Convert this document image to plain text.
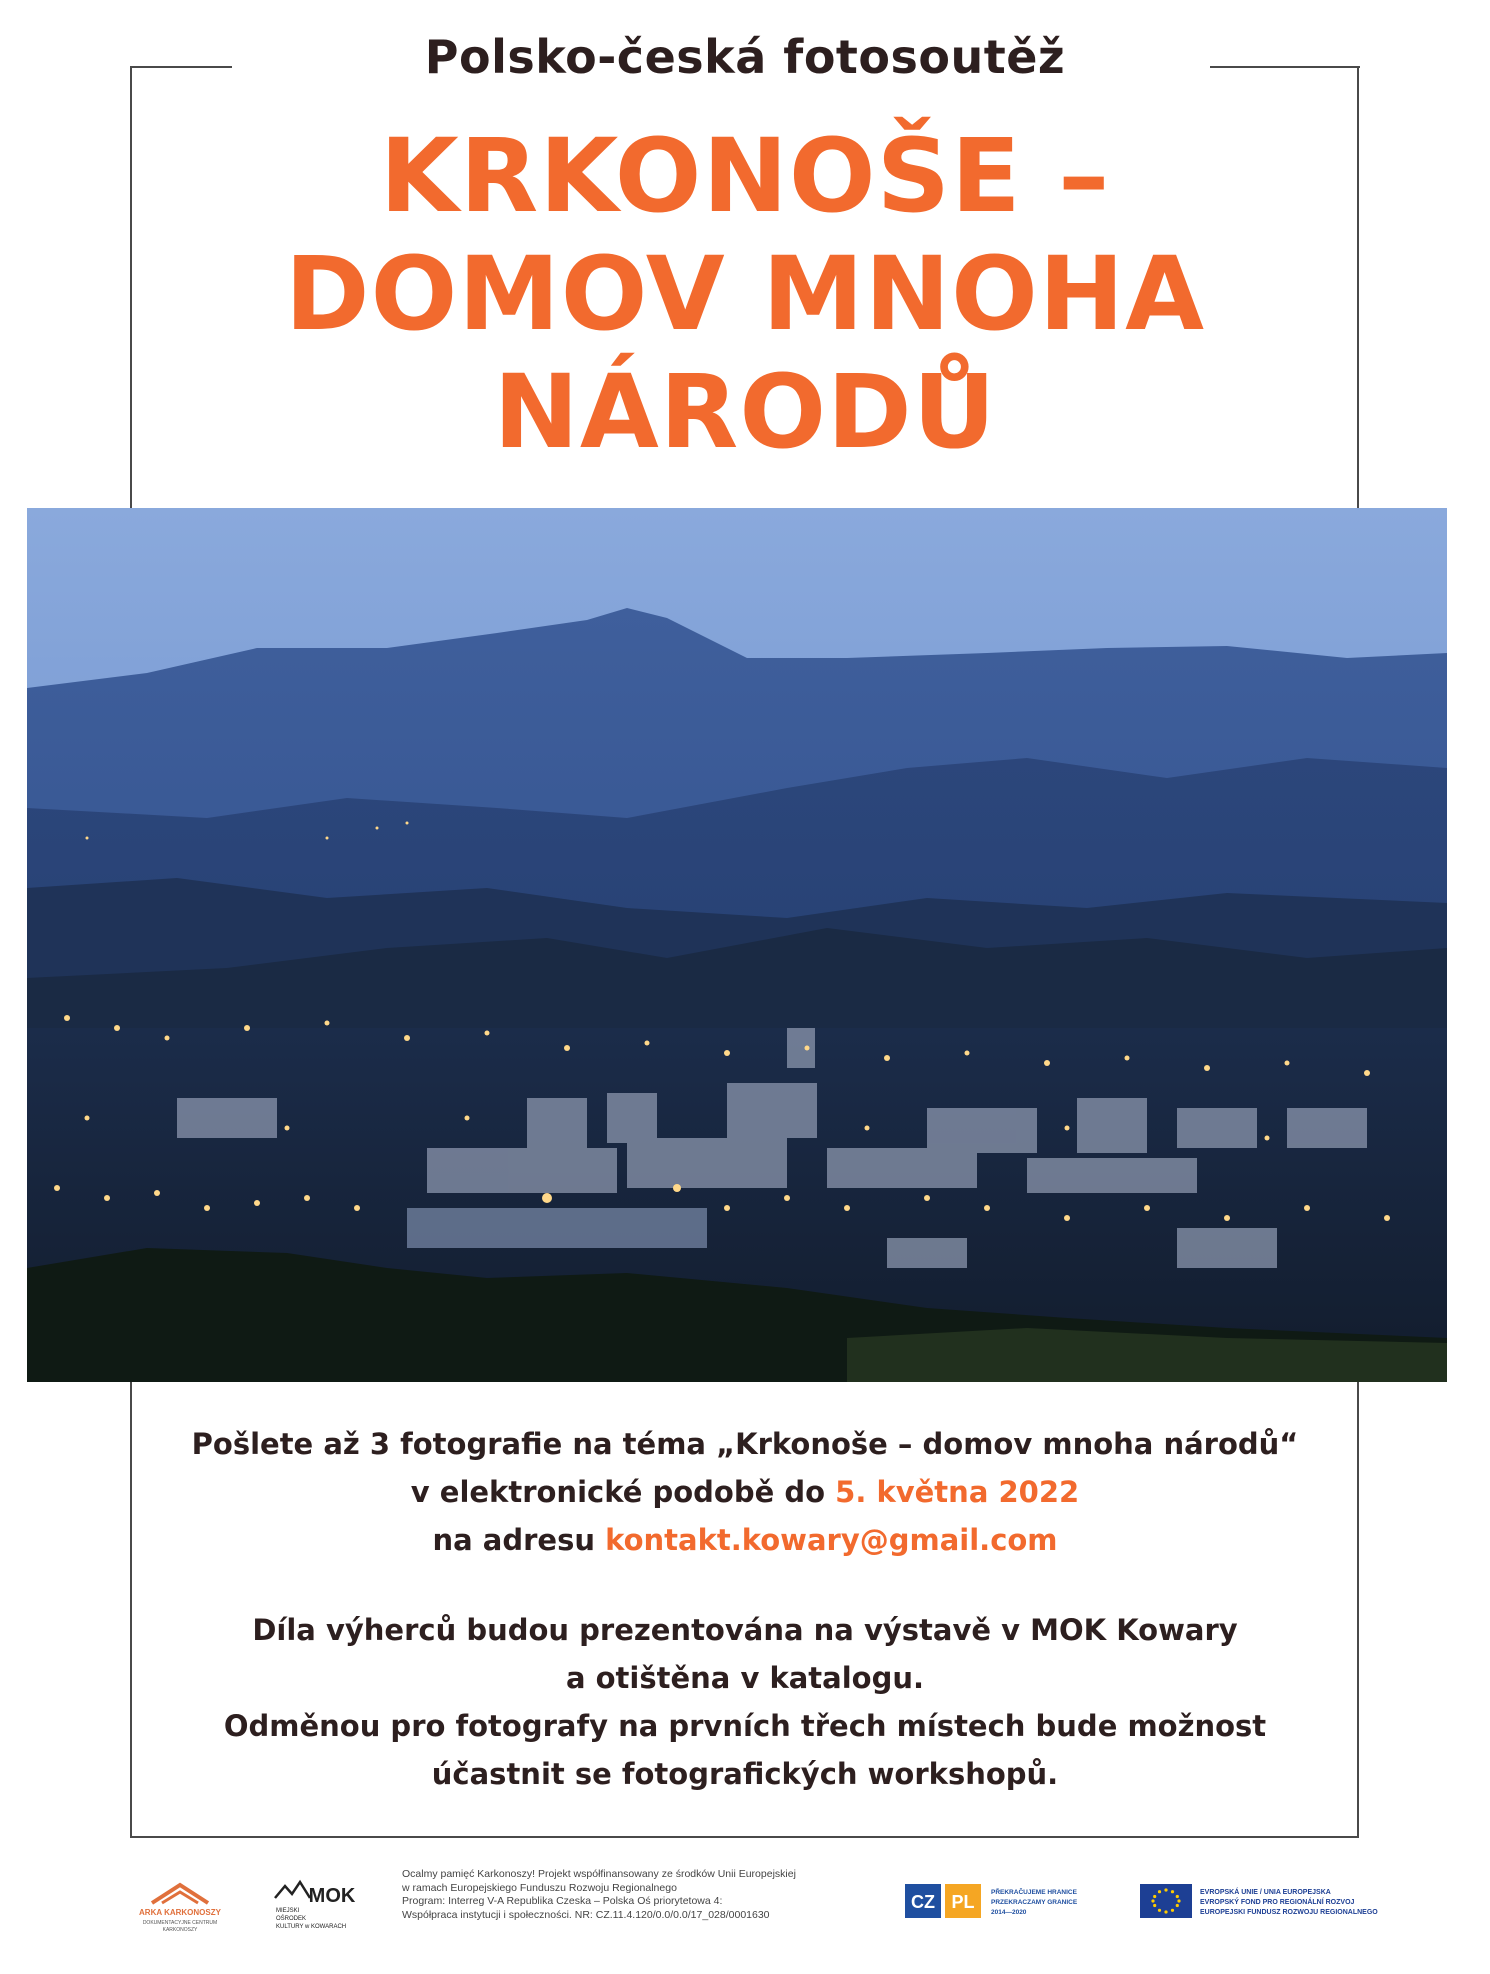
Polsko-česká fotosoutěž
KRKONOŠE –
DOMOV MNOHA
NÁRODŮ
Pošlete až 3 fotografie na téma „Krkonoše – domov mnoha národů“
v elektronické podobě do 5. května 2022
na adresu kontakt.kowary@gmail.com
Díla výherců budou prezentována na výstavě v MOK Kowary
a otištěna v katalogu.
Odměnou pro fotografy na prvních třech místech bude možnost
účastnit se fotografických workshopů.
ARKA KARKONOSZY
DOKUMENTACYJNE CENTRUM
KARKONOSZY
MOK
MIEJSKI
OŚRODEK
KULTURY w KOWARACH
Ocalmy pamięć Karkonoszy! Projekt współfinansowany ze środków Unii Europejskiej
w ramach Europejskiego Funduszu Rozwoju Regionalnego
Program: Interreg V-A Republika Czeska – Polska Oś priorytetowa 4:
Współpraca instytucji i społeczności. NR: CZ.11.4.120/0.0/0.0/17_028/0001630
CZ PL	PŘEKRAČUJEME HRANICE
PRZEKRACZAMY GRANICE
2014—2020
EVROPSKÁ UNIE / UNIA EUROPEJSKA
EVROPSKÝ FOND PRO REGIONÁLNÍ ROZVOJ
EUROPEJSKI FUNDUSZ ROZWOJU REGIONALNEGO
